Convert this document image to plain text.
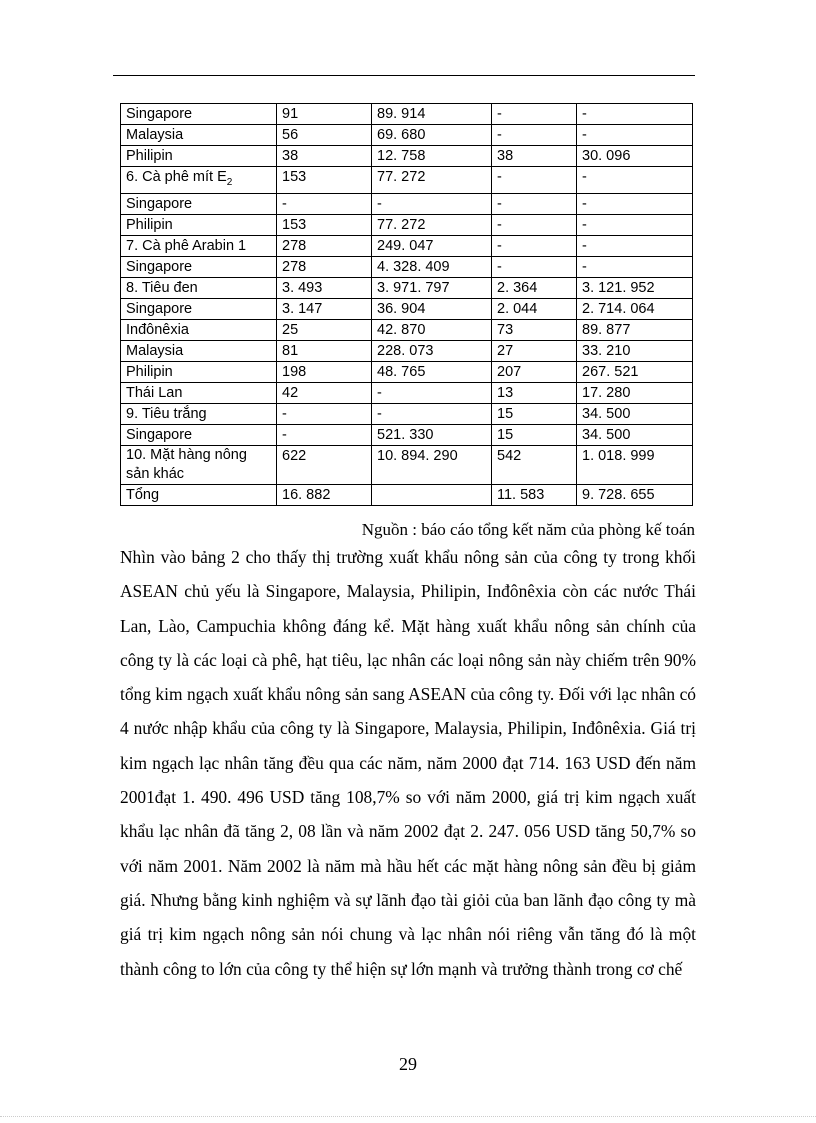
Singapore	91	89. 914	-	-
Malaysia	56	69. 680	-	-
Philipin	38	12. 758	38	30. 096
6. Cà phê mít $E_2$	153	77. 272	-	-
Singapore	-	-	-	-
Philipin	153	77. 272	-	-
7. Cà phê Arabin 1	278	249. 047	-	-
Singapore	278	4. 328. 409	-	-
8. Tiêu đen	3. 493	3. 971. 797	2. 364	3. 121. 952
Singapore	3. 147	36. 904	2. 044	2. 714. 064
Inđônêxia	25	42. 870	73	89. 877
Malaysia	81	228. 073	27	33. 210
Philipin	198	48. 765	207	267. 521
Thái Lan	42	-	13	17. 280
9. Tiêu trắng	-	-	15	34. 500
Singapore	-	521. 330	15	34. 500
10. Mặt hàng nông sản khác	622	10. 894. 290	542	1. 018. 999
Tổng	16. 882		11. 583	9. 728. 655
Nguồn : báo cáo tổng kết năm của phòng kế toán
Nhìn vào bảng 2 cho thấy thị trường xuất khẩu nông sản của công ty trong khối ASEAN chủ yếu là Singapore, Malaysia, Philipin, Inđônêxia còn các nước Thái Lan, Lào, Campuchia không đáng kể. Mặt hàng xuất khẩu nông sản chính của công ty là các loại cà phê, hạt tiêu, lạc nhân các loại nông sản này chiếm trên 90% tổng kim ngạch xuất khẩu nông sản sang ASEAN của công ty. Đối với lạc nhân có 4 nước nhập khẩu của công ty là Singapore, Malaysia, Philipin, Inđônêxia. Giá trị kim ngạch lạc nhân tăng đều qua các năm, năm 2000 đạt 714. 163 USD đến năm 2001đạt 1. 490. 496 USD tăng 108,7% so với năm 2000, giá trị kim ngạch xuất khẩu lạc nhân đã tăng 2, 08 lần và năm 2002 đạt 2. 247. 056 USD tăng 50,7% so với năm 2001. Năm 2002 là năm mà hầu hết các mặt hàng nông sản đều bị giảm giá. Nhưng bằng kinh nghiệm và sự lãnh đạo tài giỏi của ban lãnh đạo công ty mà giá trị kim ngạch nông sản nói chung và lạc nhân nói riêng vẫn tăng đó là một thành công to lớn của công ty thể hiện sự lớn mạnh và trưởng thành trong cơ chế
29
